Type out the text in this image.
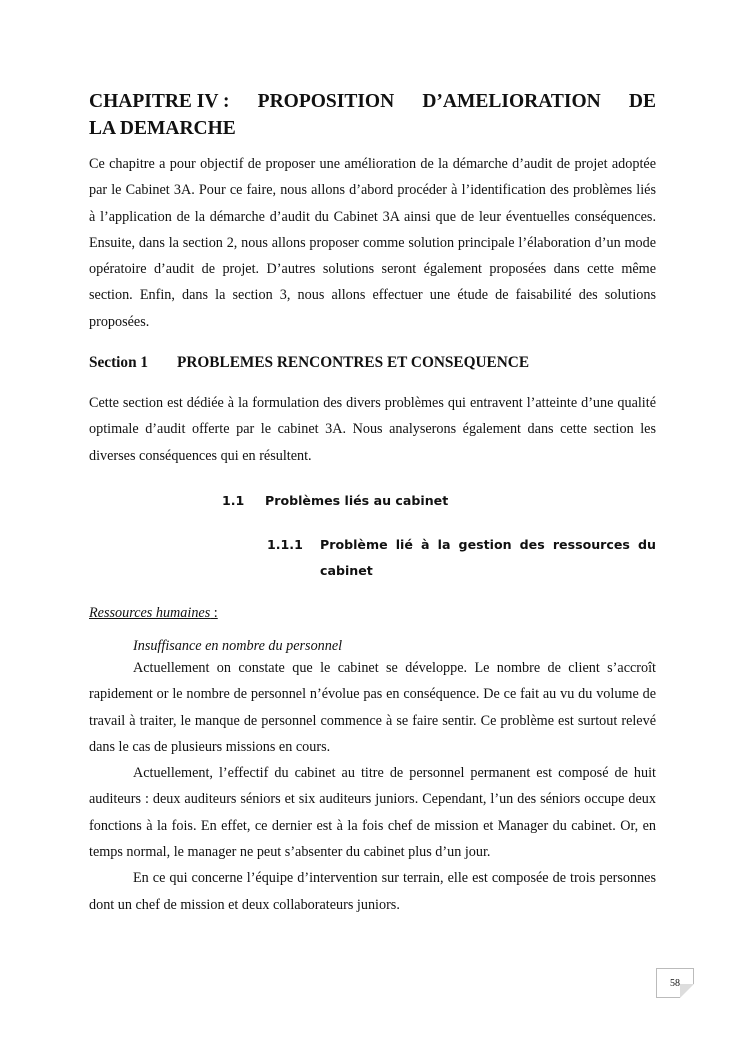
CHAPITRE IV : PROPOSITION D’AMELIORATION DE
LA DEMARCHE

Ce chapitre a pour objectif de proposer une amélioration de la démarche d’audit de projet adoptée par le Cabinet 3A. Pour ce faire, nous allons d’abord procéder à l’identification des problèmes liés à l’application de la démarche d’audit du Cabinet 3A ainsi que de leur éventuelles conséquences. Ensuite, dans la section 2, nous allons proposer comme solution principale l’élaboration d’un mode opératoire d’audit de projet. D’autres solutions seront également proposées dans cette même section. Enfin, dans la section 3, nous allons effectuer une étude de faisabilité des solutions proposées.

Section 1	PROBLEMES RENCONTRES ET CONSEQUENCE

Cette section est dédiée à la formulation des divers problèmes qui entravent l’atteinte d’une qualité optimale d’audit offerte par le cabinet 3A. Nous analyserons également dans cette section les diverses conséquences qui en résultent.

1.1	Problèmes liés au cabinet
1.1.1	Problème lié à la gestion des ressources du cabinet
Ressources humaines :
Insuffisance en nombre du personnel

Actuellement on constate que le cabinet se développe. Le nombre de client s’accroît rapidement or le nombre de personnel n’évolue pas en conséquence. De ce fait au vu du volume de travail à traiter, le manque de personnel commence à se faire sentir. Ce problème est surtout relevé dans le cas de plusieurs missions en cours.

Actuellement, l’effectif du cabinet au titre de personnel permanent est composé de huit auditeurs : deux auditeurs séniors et six auditeurs juniors. Cependant, l’un des séniors occupe deux fonctions à la fois. En effet, ce dernier est à la fois chef de mission et Manager du cabinet. Or, en temps normal, le manager ne peut s’absenter du cabinet plus d’un jour.

En ce qui concerne l’équipe d’intervention sur terrain, elle est composée de trois personnes dont un chef de mission et deux collaborateurs juniors.

58
